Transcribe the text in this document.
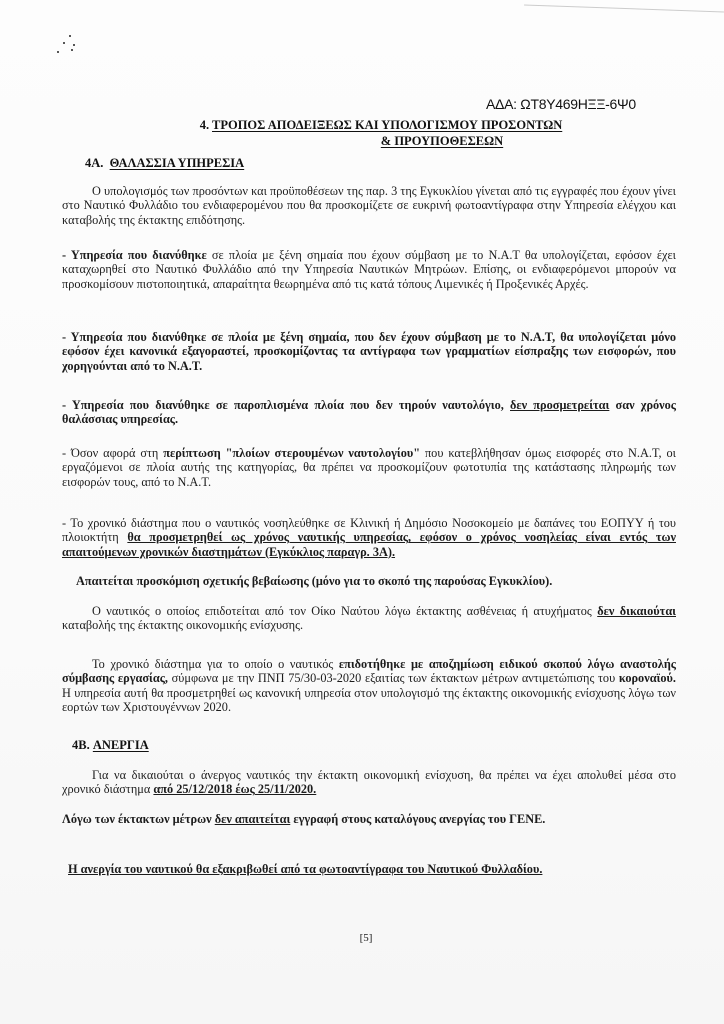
ΑΔΑ: ΩΤ8Υ469ΗΞΞ-6Ψ0
4. ΤΡΟΠΟΣ ΑΠΟΔΕΙΞΕΩΣ ΚΑΙ ΥΠΟΛΟΓΙΣΜΟΥ ΠΡΟΣΟΝΤΩΝ
& ΠΡΟΥΠΟΘΕΣΕΩΝ
4Α. ΘΑΛΑΣΣΙΑ ΥΠΗΡΕΣΙΑ
Ο υπολογισμός των προσόντων και προϋποθέσεων της παρ. 3 της Εγκυκλίου γίνεται από τις εγγραφές που έχουν γίνει στο Ναυτικό Φυλλάδιο του ενδιαφερομένου που θα προσκομίζετε σε ευκρινή φωτοαντίγραφα στην Υπηρεσία ελέγχου και καταβολής της έκτακτης επιδότησης.
- Υπηρεσία που διανύθηκε σε πλοία με ξένη σημαία που έχουν σύμβαση με το Ν.Α.Τ θα υπολογίζεται, εφόσον έχει καταχωρηθεί στο Ναυτικό Φυλλάδιο από την Υπηρεσία Ναυτικών Μητρώων. Επίσης, οι ενδιαφερόμενοι μπορούν να προσκομίσουν πιστοποιητικά, απαραίτητα θεωρημένα από τις κατά τόπους Λιμενικές ή Προξενικές Αρχές.
- Υπηρεσία που διανύθηκε σε πλοία με ξένη σημαία, που δεν έχουν σύμβαση με το Ν.Α.Τ, θα υπολογίζεται μόνο εφόσον έχει κανονικά εξαγοραστεί, προσκομίζοντας τα αντίγραφα των γραμματίων είσπραξης των εισφορών, που χορηγούνται από το Ν.Α.Τ.
- Υπηρεσία που διανύθηκε σε παροπλισμένα πλοία που δεν τηρούν ναυτολόγιο, δεν προσμετρείται σαν χρόνος θαλάσσιας υπηρεσίας.
- Όσον αφορά στη περίπτωση "πλοίων στερουμένων ναυτολογίου" που κατεβλήθησαν όμως εισφορές στο Ν.Α.Τ, οι εργαζόμενοι σε πλοία αυτής της κατηγορίας, θα πρέπει να προσκομίζουν φωτοτυπία της κατάστασης πληρωμής των εισφορών τους, από το Ν.Α.Τ.
- Το χρονικό διάστημα που ο ναυτικός νοσηλεύθηκε σε Κλινική ή Δημόσιο Νοσοκομείο με δαπάνες του ΕΟΠΥΥ ή του πλοιοκτήτη θα προσμετρηθεί ως χρόνος ναυτικής υπηρεσίας, εφόσον ο χρόνος νοσηλείας είναι εντός των απαιτούμενων χρονικών διαστημάτων (Εγκύκλιος παραγρ. 3Α).
Απαιτείται προσκόμιση σχετικής βεβαίωσης (μόνο για το σκοπό της παρούσας Εγκυκλίου).
Ο ναυτικός ο οποίος επιδοτείται από τον Οίκο Ναύτου λόγω έκτακτης ασθένειας ή ατυχήματος δεν δικαιούται καταβολής της έκτακτης οικονομικής ενίσχυσης.
Το χρονικό διάστημα για το οποίο ο ναυτικός επιδοτήθηκε με αποζημίωση ειδικού σκοπού λόγω αναστολής σύμβασης εργασίας, σύμφωνα με την ΠΝΠ 75/30-03-2020 εξαιτίας των έκτακτων μέτρων αντιμετώπισης του κοροναϊού. Η υπηρεσία αυτή θα προσμετρηθεί ως κανονική υπηρεσία στον υπολογισμό της έκτακτης οικονομικής ενίσχυσης λόγω των εορτών των Χριστουγέννων 2020.
4Β. ΑΝΕΡΓΙΑ
Για να δικαιούται ο άνεργος ναυτικός την έκτακτη οικονομική ενίσχυση, θα πρέπει να έχει απολυθεί μέσα στο χρονικό διάστημα από 25/12/2018 έως 25/11/2020.
Λόγω των έκτακτων μέτρων δεν απαιτείται εγγραφή στους καταλόγους ανεργίας του ΓΕΝΕ.
Η ανεργία του ναυτικού θα εξακριβωθεί από τα φωτοαντίγραφα του Ναυτικού Φυλλαδίου.
[5]
